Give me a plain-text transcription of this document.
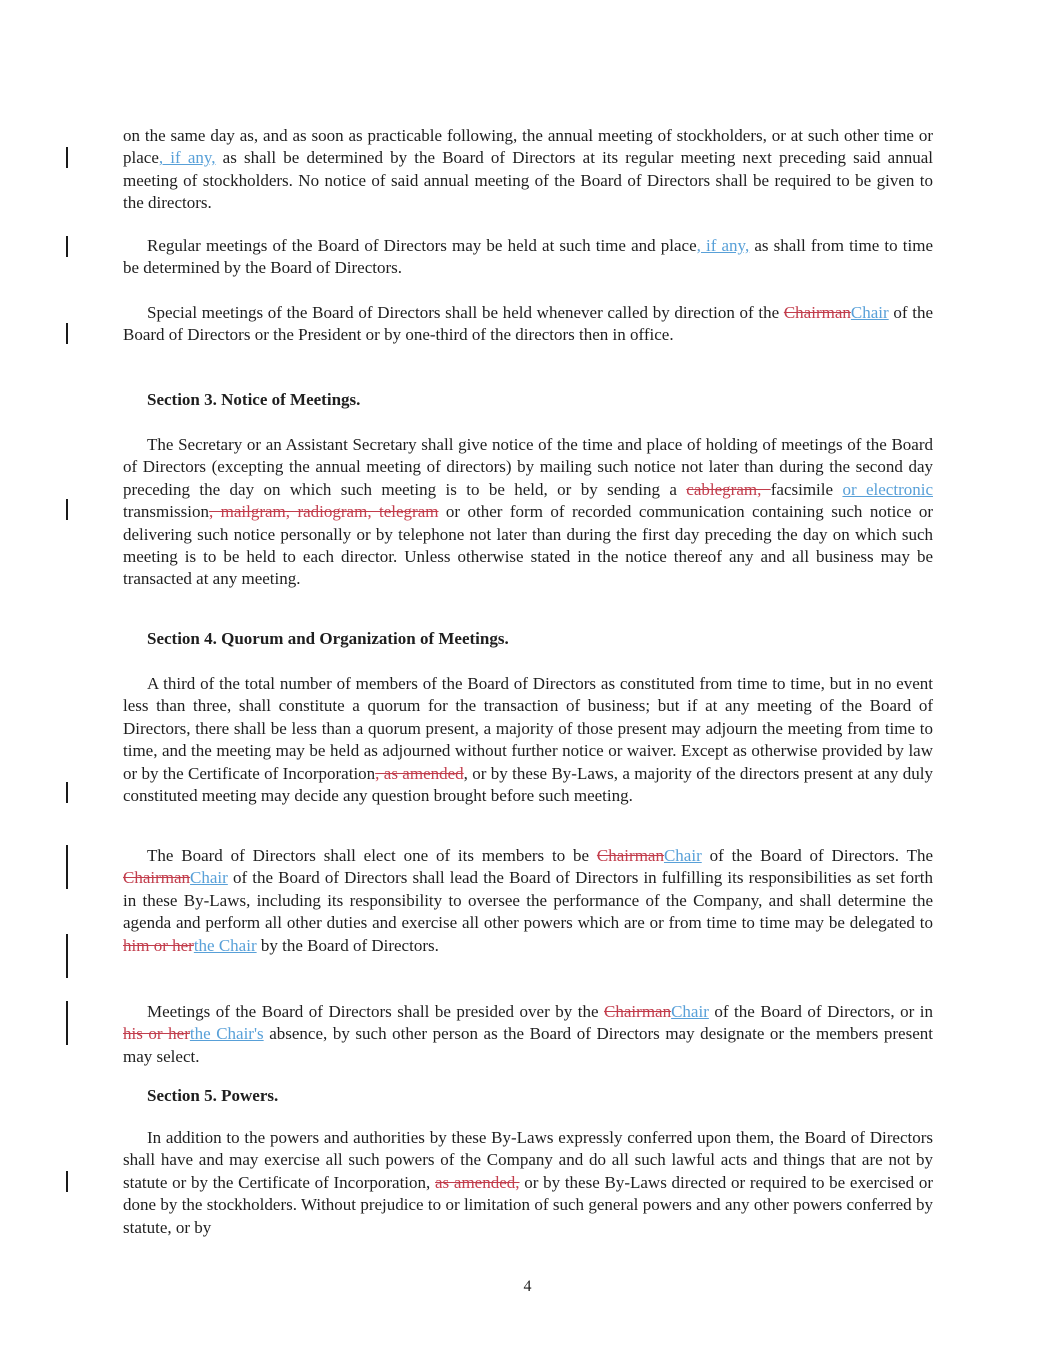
on the same day as, and as soon as practicable following, the annual meeting of stockholders, or at such other time or place, if any, as shall be determined by the Board of Directors at its regular meeting next preceding said annual meeting of stockholders. No notice of said annual meeting of the Board of Directors shall be required to be given to the directors.
Regular meetings of the Board of Directors may be held at such time and place, if any, as shall from time to time be determined by the Board of Directors.
Special meetings of the Board of Directors shall be held whenever called by direction of the ChairmanChair of the Board of Directors or the President or by one-third of the directors then in office.
Section 3. Notice of Meetings.
The Secretary or an Assistant Secretary shall give notice of the time and place of holding of meetings of the Board of Directors (excepting the annual meeting of directors) by mailing such notice not later than during the second day preceding the day on which such meeting is to be held, or by sending a cablegram, facsimile or electronic transmission, mailgram, radiogram, telegram or other form of recorded communication containing such notice or delivering such notice personally or by telephone not later than during the first day preceding the day on which such meeting is to be held to each director. Unless otherwise stated in the notice thereof any and all business may be transacted at any meeting.
Section 4. Quorum and Organization of Meetings.
A third of the total number of members of the Board of Directors as constituted from time to time, but in no event less than three, shall constitute a quorum for the transaction of business; but if at any meeting of the Board of Directors, there shall be less than a quorum present, a majority of those present may adjourn the meeting from time to time, and the meeting may be held as adjourned without further notice or waiver. Except as otherwise provided by law or by the Certificate of Incorporation, as amended, or by these By-Laws, a majority of the directors present at any duly constituted meeting may decide any question brought before such meeting.
The Board of Directors shall elect one of its members to be ChairmanChair of the Board of Directors. The ChairmanChair of the Board of Directors shall lead the Board of Directors in fulfilling its responsibilities as set forth in these By-Laws, including its responsibility to oversee the performance of the Company, and shall determine the agenda and perform all other duties and exercise all other powers which are or from time to time may be delegated to him or herthe Chair by the Board of Directors.
Meetings of the Board of Directors shall be presided over by the ChairmanChair of the Board of Directors, or in his or herthe Chair's absence, by such other person as the Board of Directors may designate or the members present may select.
Section 5. Powers.
In addition to the powers and authorities by these By-Laws expressly conferred upon them, the Board of Directors shall have and may exercise all such powers of the Company and do all such lawful acts and things that are not by statute or by the Certificate of Incorporation, as amended, or by these By-Laws directed or required to be exercised or done by the stockholders. Without prejudice to or limitation of such general powers and any other powers conferred by statute, or by
4
